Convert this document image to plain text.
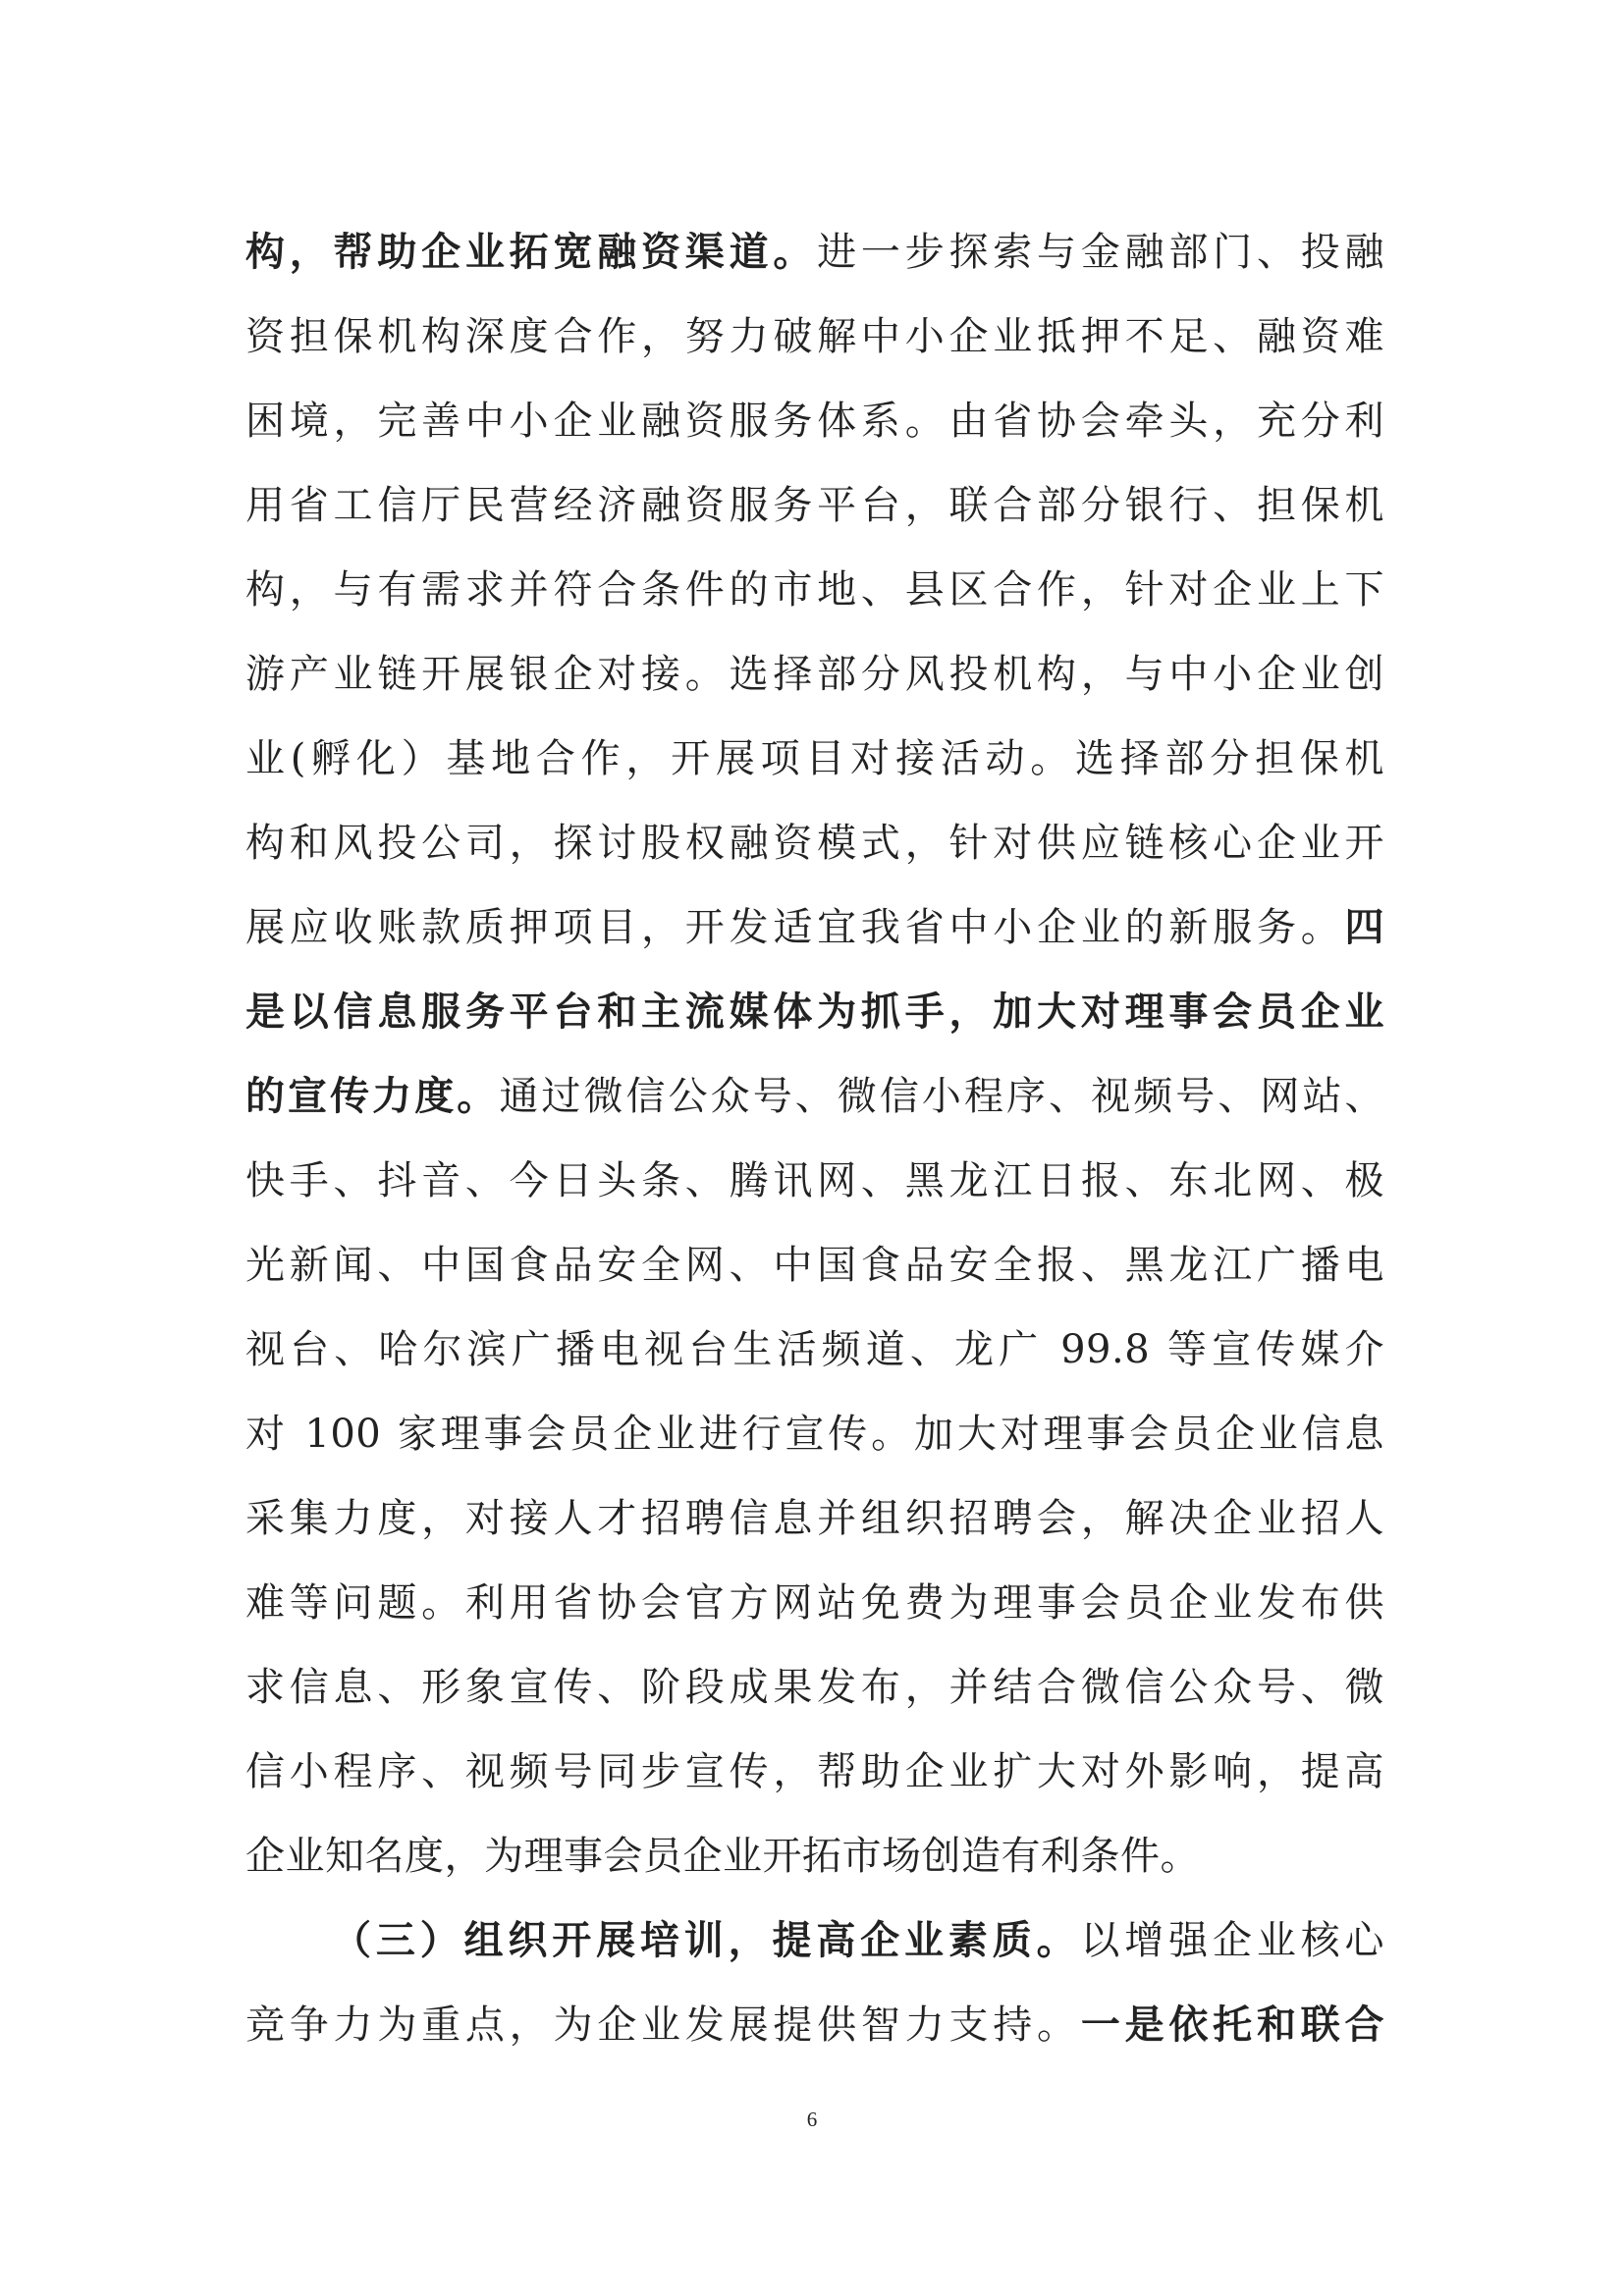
构，帮助企业拓宽融资渠道。进一步探索与金融部门、投融
资担保机构深度合作，努力破解中小企业抵押不足、融资难
困境，完善中小企业融资服务体系。由省协会牵头，充分利
用省工信厅民营经济融资服务平台，联合部分银行、担保机
构，与有需求并符合条件的市地、县区合作，针对企业上下
游产业链开展银企对接。选择部分风投机构，与中小企业创
业(孵化）基地合作，开展项目对接活动。选择部分担保机
构和风投公司，探讨股权融资模式，针对供应链核心企业开
展应收账款质押项目，开发适宜我省中小企业的新服务。四
是以信息服务平台和主流媒体为抓手，加大对理事会员企业
的宣传力度。通过微信公众号、微信小程序、视频号、网站、
快手、抖音、今日头条、腾讯网、黑龙江日报、东北网、极
光新闻、中国食品安全网、中国食品安全报、黑龙江广播电
视台、哈尔滨广播电视台生活频道、龙广 99.8 等宣传媒介
对 100 家理事会员企业进行宣传。加大对理事会员企业信息
采集力度，对接人才招聘信息并组织招聘会，解决企业招人
难等问题。利用省协会官方网站免费为理事会员企业发布供
求信息、形象宣传、阶段成果发布，并结合微信公众号、微
信小程序、视频号同步宣传，帮助企业扩大对外影响，提高
企业知名度，为理事会员企业开拓市场创造有利条件。
（三）组织开展培训，提高企业素质。以增强企业核心
竞争力为重点，为企业发展提供智力支持。一是依托和联合
6
